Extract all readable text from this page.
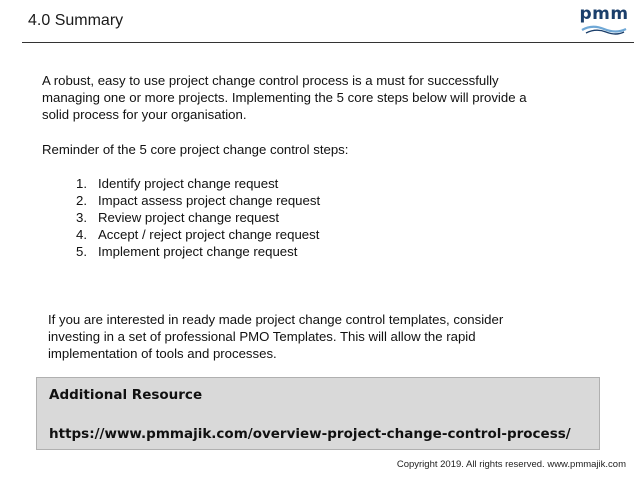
4.0 Summary	pmm
A robust, easy to use project change control process is a must for successfully
managing one or more projects. Implementing the 5 core steps below will provide a
solid process for your organisation.
Reminder of the 5 core project change control steps:
1. Identify project change request
2. Impact assess project change request
3. Review project change request
4. Accept / reject project change request
5. Implement project change request
If you are interested in ready made project change control templates, consider
investing in a set of professional PMO Templates. This will allow the rapid
implementation of tools and processes.
Additional Resource
https://www.pmmajik.com/overview-project-change-control-process/
Copyright 2019. All rights reserved. www.pmmajik.com
